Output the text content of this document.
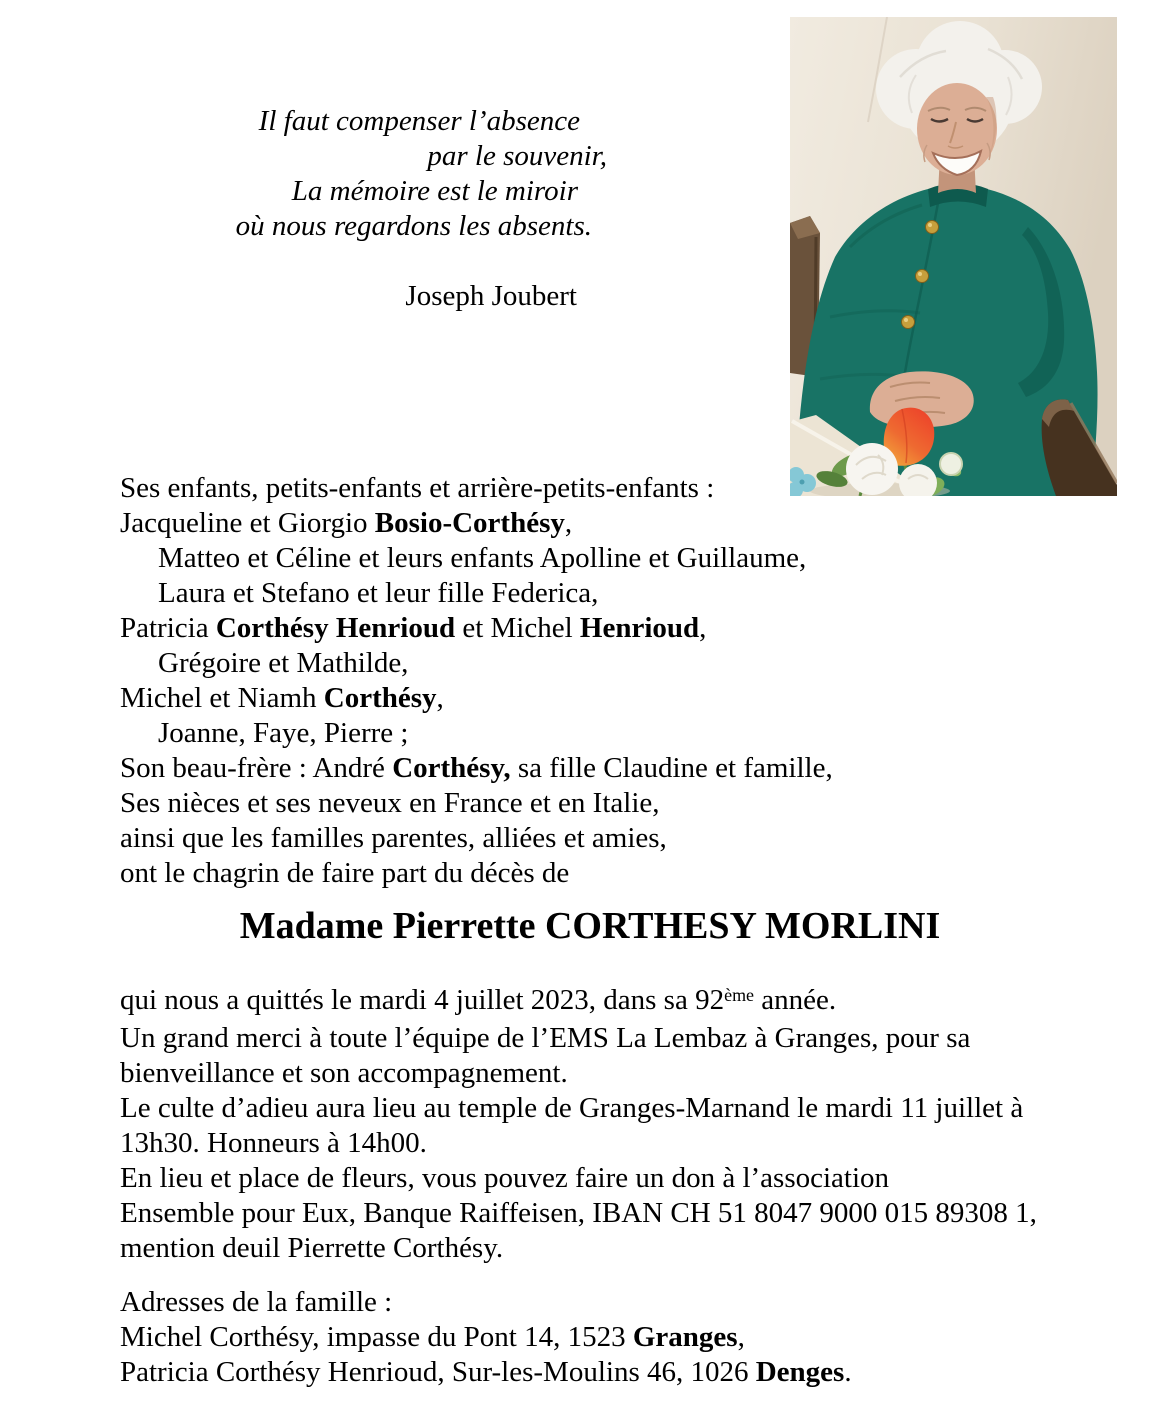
Il faut compenser l’absence
par le souvenir,
La mémoire est le miroir
où nous regardons les absents.
Joseph Joubert
Ses enfants, petits-enfants et arrière-petits-enfants :
Jacqueline et Giorgio Bosio-Corthésy,
Matteo et Céline et leurs enfants Apolline et Guillaume,
Laura et Stefano et leur fille Federica,
Patricia Corthésy Henrioud et Michel Henrioud,
Grégoire et Mathilde,
Michel et Niamh Corthésy,
Joanne, Faye, Pierre ;
Son beau-frère : André Corthésy, sa fille Claudine et famille,
Ses nièces et ses neveux en France et en Italie,
ainsi que les familles parentes, alliées et amies,
ont le chagrin de faire part du décès de
Madame Pierrette CORTHESY MORLINI
qui nous a quittés le mardi 4 juillet 2023, dans sa 92ème année.
Un grand merci à toute l’équipe de l’EMS La Lembaz à Granges, pour sa
bienveillance et son accompagnement.
Le culte d’adieu aura lieu au temple de Granges-Marnand le mardi 11 juillet à
13h30. Honneurs à 14h00.
En lieu et place de fleurs, vous pouvez faire un don à l’association
Ensemble pour Eux, Banque Raiffeisen, IBAN CH 51 8047 9000 015 89308 1,
mention deuil Pierrette Corthésy.
Adresses de la famille :
Michel Corthésy, impasse du Pont 14, 1523 Granges,
Patricia Corthésy Henrioud, Sur-les-Moulins 46, 1026 Denges.
